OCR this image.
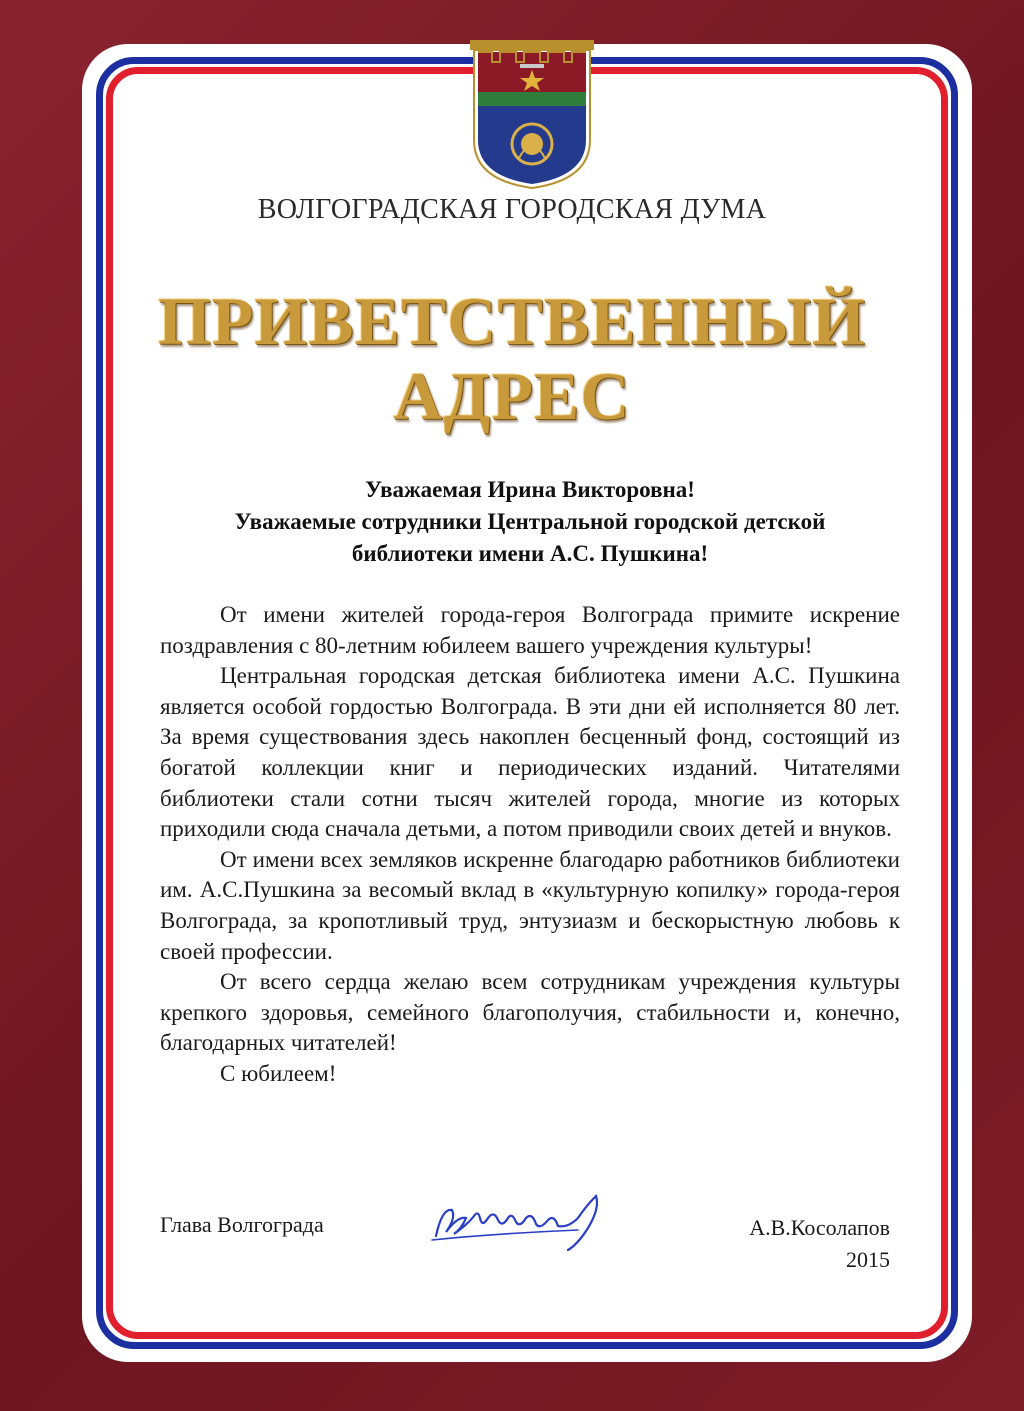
ВОЛГОГРАДСКАЯ ГОРОДСКАЯ ДУМА
ПРИВЕТСТВЕННЫЙ
АДРЕС
Уважаемая Ирина Викторовна!
Уважаемые сотрудники Центральной городской детской
библиотеки имени А.С. Пушкина!

От имени жителей города-героя Волгограда примите искрение поздравления с 80-летним юбилеем вашего учреждения культуры!

Центральная городская детская библиотека имени А.С. Пушкина является особой гордостью Волгограда. В эти дни ей исполняется 80 лет. За время существования здесь накоплен бесценный фонд, состоящий из богатой коллекции книг и периодических изданий. Читателями библиотеки стали сотни тысяч жителей города, многие из которых приходили сюда сначала детьми, а потом приводили своих детей и внуков.

От имени всех земляков искренне благодарю работников библиотеки им. А.С.Пушкина за весомый вклад в «культурную копилку» города-героя Волгограда, за кропотливый труд, энтузиазм и бескорыстную любовь к своей профессии.

От всего сердца желаю всем сотрудникам учреждения культуры крепкого здоровья, семейного благополучия, стабильности и, конечно, благодарных читателей!

С юбилеем!

Глава Волгограда	А.В.Косолапов
2015
